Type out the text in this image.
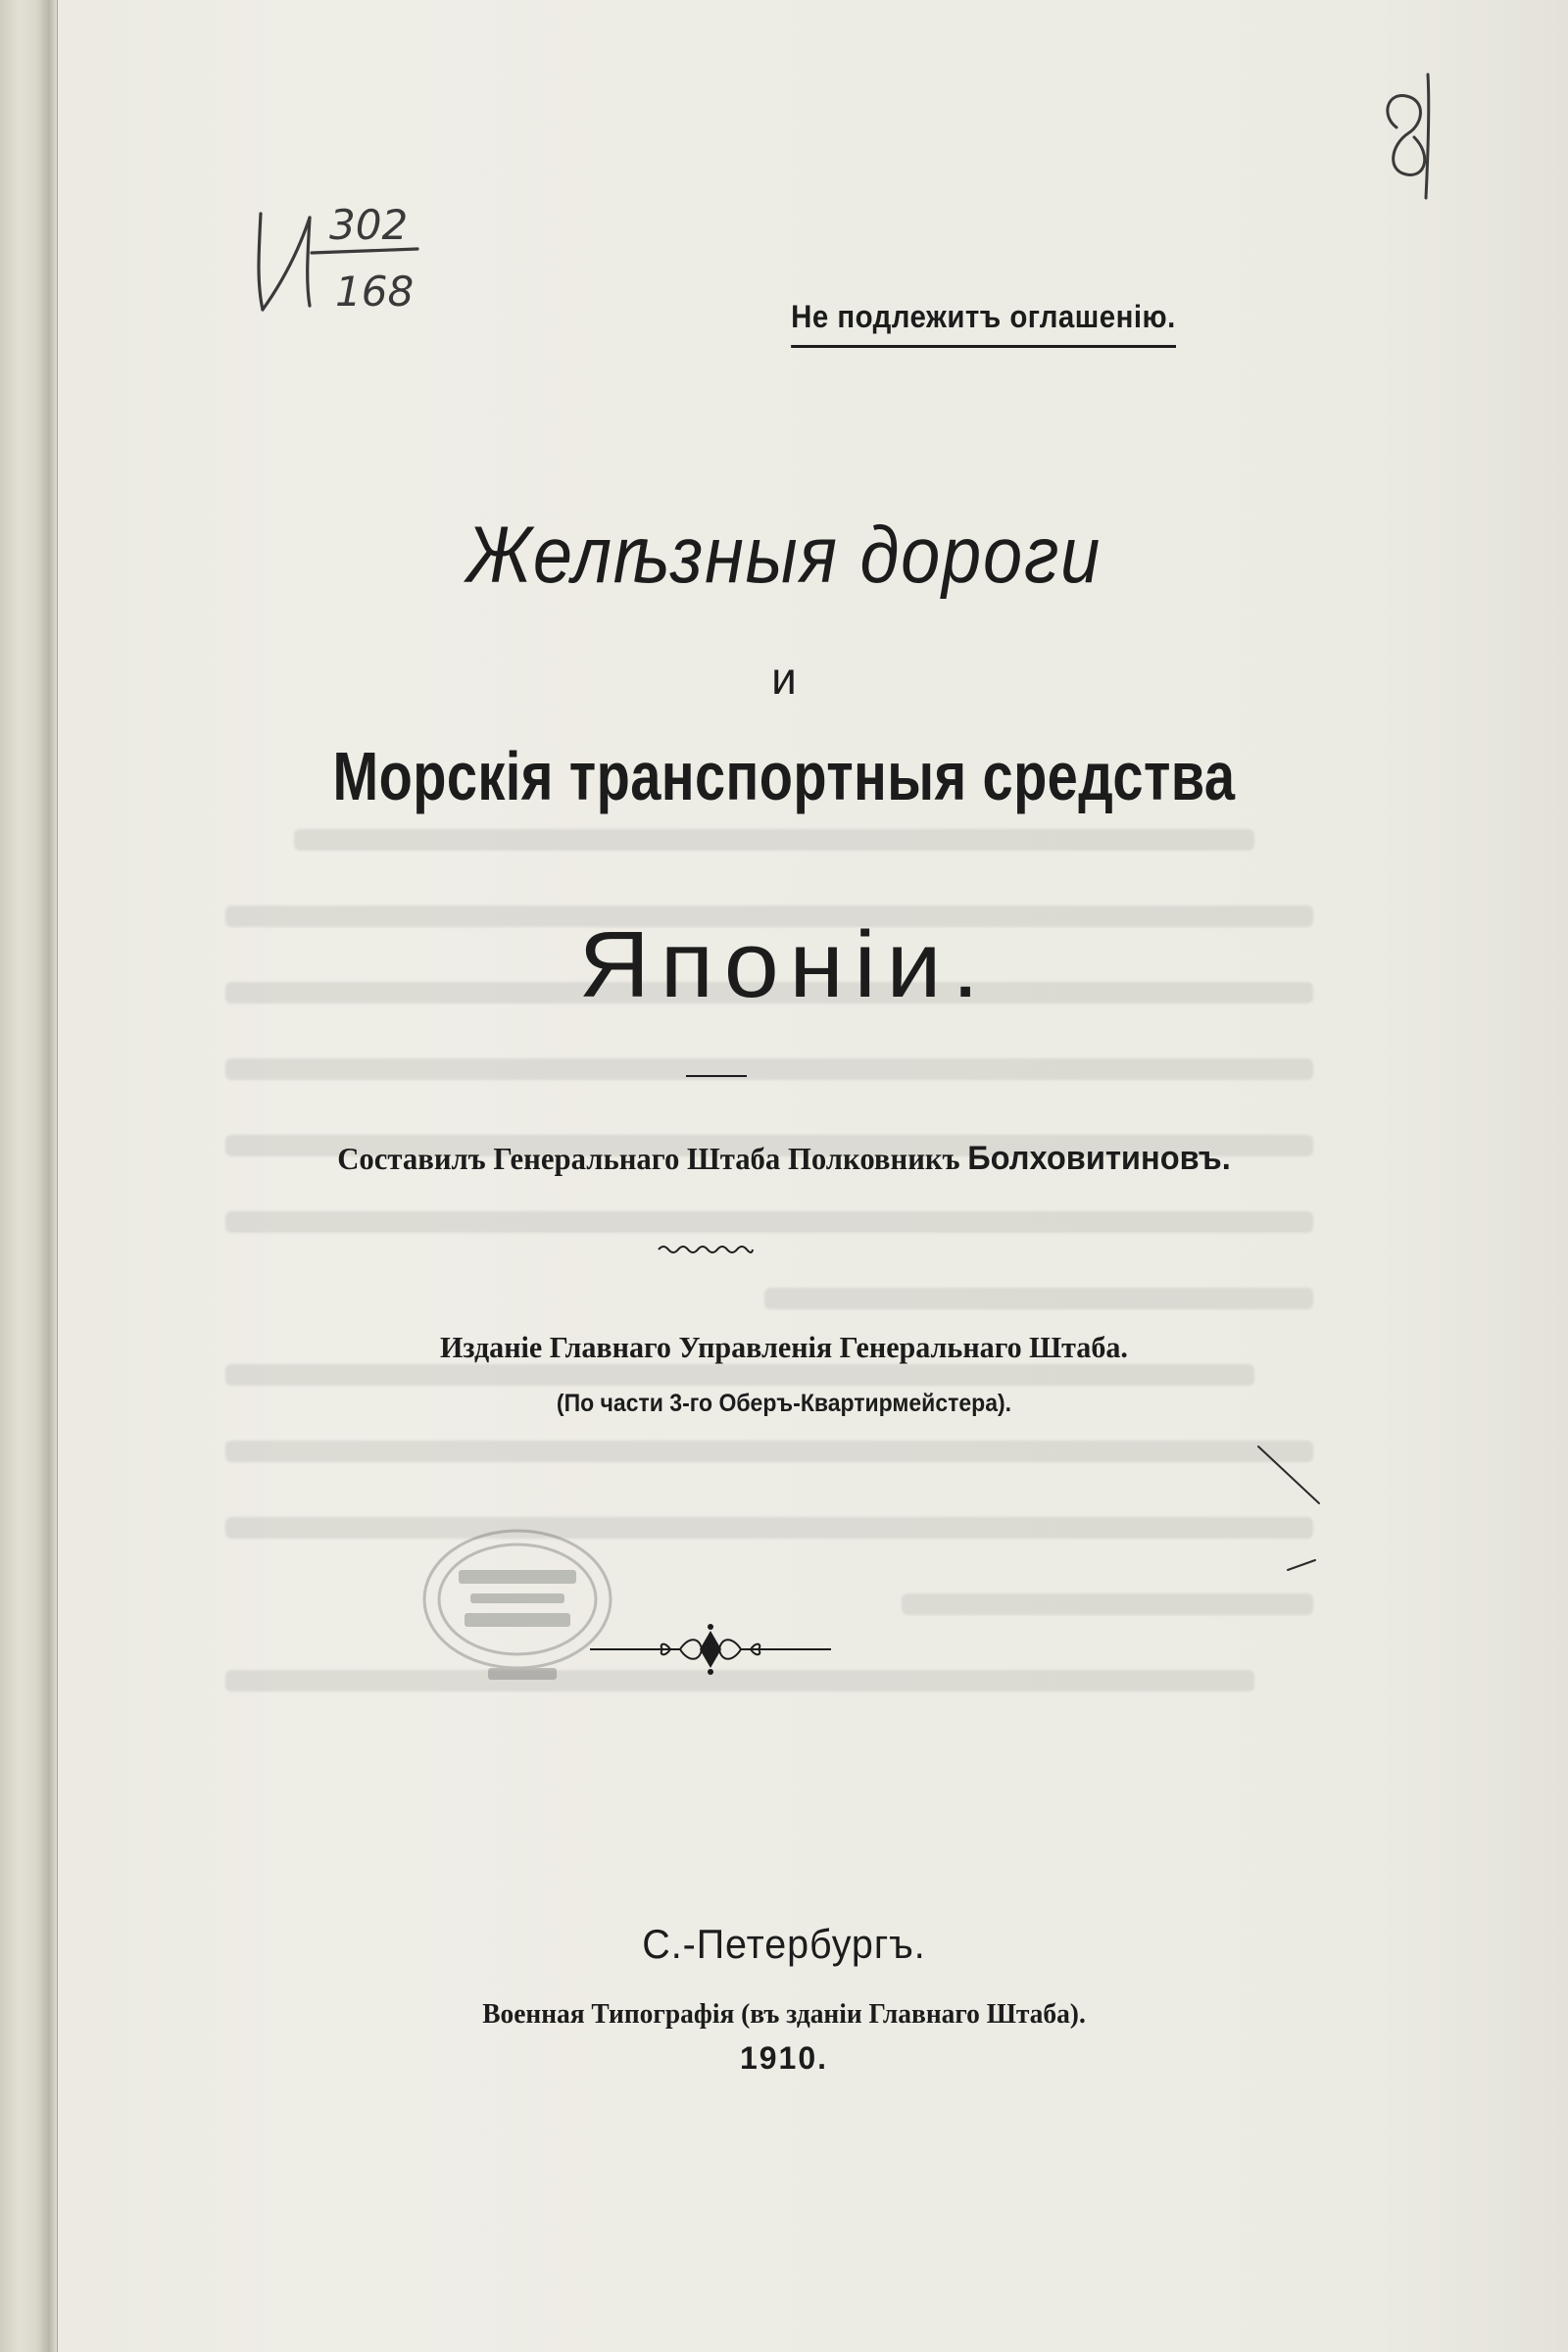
302
168
Не подлежитъ оглашенію.
Желѣзныя дороги
и
Морскія транспортныя средства
Японіи.
Составилъ Генеральнаго Штаба Полковникъ Болховитиновъ.
Изданіе Главнаго Управленія Генеральнаго Штаба.
(По части 3-го Оберъ-Квартирмейстера).
С.-Петербургъ.
Военная Типографія (въ зданіи Главнаго Штаба).
1910.
